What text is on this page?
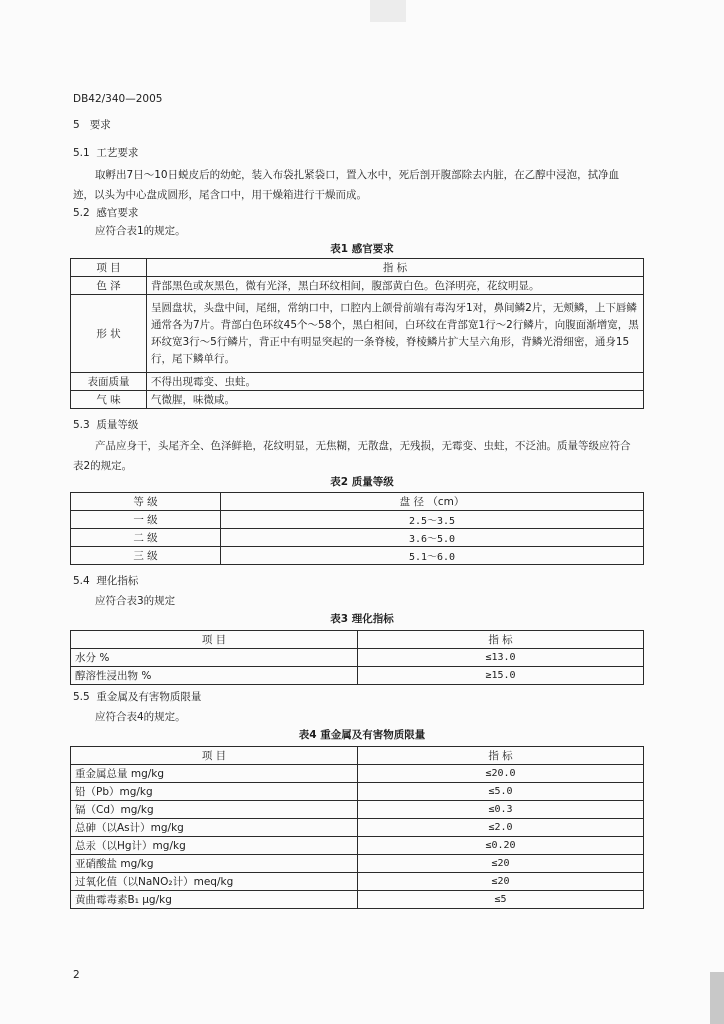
DB42/340—2005
5 要求
5.1 工艺要求
取孵出7日～10日蜕皮后的幼蛇，装入布袋扎紧袋口，置入水中，死后剖开腹部除去内脏，在乙醇中浸泡，拭净血迹，以头为中心盘成圆形，尾含口中，用干燥箱进行干燥而成。
5.2 感官要求
应符合表1的规定。
表1 感官要求
项 目	指 标
色 泽	背部黑色或灰黑色，微有光泽，黑白环纹相间，腹部黄白色。色泽明亮，花纹明显。
形 状	呈圆盘状，头盘中间，尾细，常纳口中，口腔内上颌骨前端有毒沟牙1对，鼻间鳞2片，无颊鳞，上下唇鳞通常各为7片。背部白色环纹45个～58个，黑白相间，白环纹在背部宽1行～2行鳞片，向腹面渐增宽，黑环纹宽3行～5行鳞片，背正中有明显突起的一条脊棱，脊棱鳞片扩大呈六角形，背鳞光滑细密，通身15行，尾下鳞单行。
表面质量	不得出现霉变、虫蛀。
气 味	气微腥，味微咸。
5.3 质量等级
产品应身干，头尾齐全、色泽鲜艳，花纹明显，无焦糊，无散盘，无残损，无霉变、虫蛀，不泛油。质量等级应符合表2的规定。
表2 质量等级
等 级	盘 径 （cm）
一 级	2.5～3.5
二 级	3.6～5.0
三 级	5.1～6.0
5.4 理化指标
应符合表3的规定
表3 理化指标
项 目	指 标
水分 %	≤13.0
醇溶性浸出物 %	≥15.0
5.5 重金属及有害物质限量
应符合表4的规定。
表4 重金属及有害物质限量
项 目	指 标
重金属总量 mg/kg	≤20.0
铅（Pb）mg/kg	≤5.0
镉（Cd）mg/kg	≤0.3
总砷（以As计）mg/kg	≤2.0
总汞（以Hg计）mg/kg	≤0.20
亚硝酸盐 mg/kg	≤20
过氧化值（以NaNO₂计）meq/kg	≤20
黄曲霉毒素B₁ μg/kg	≤5
2
